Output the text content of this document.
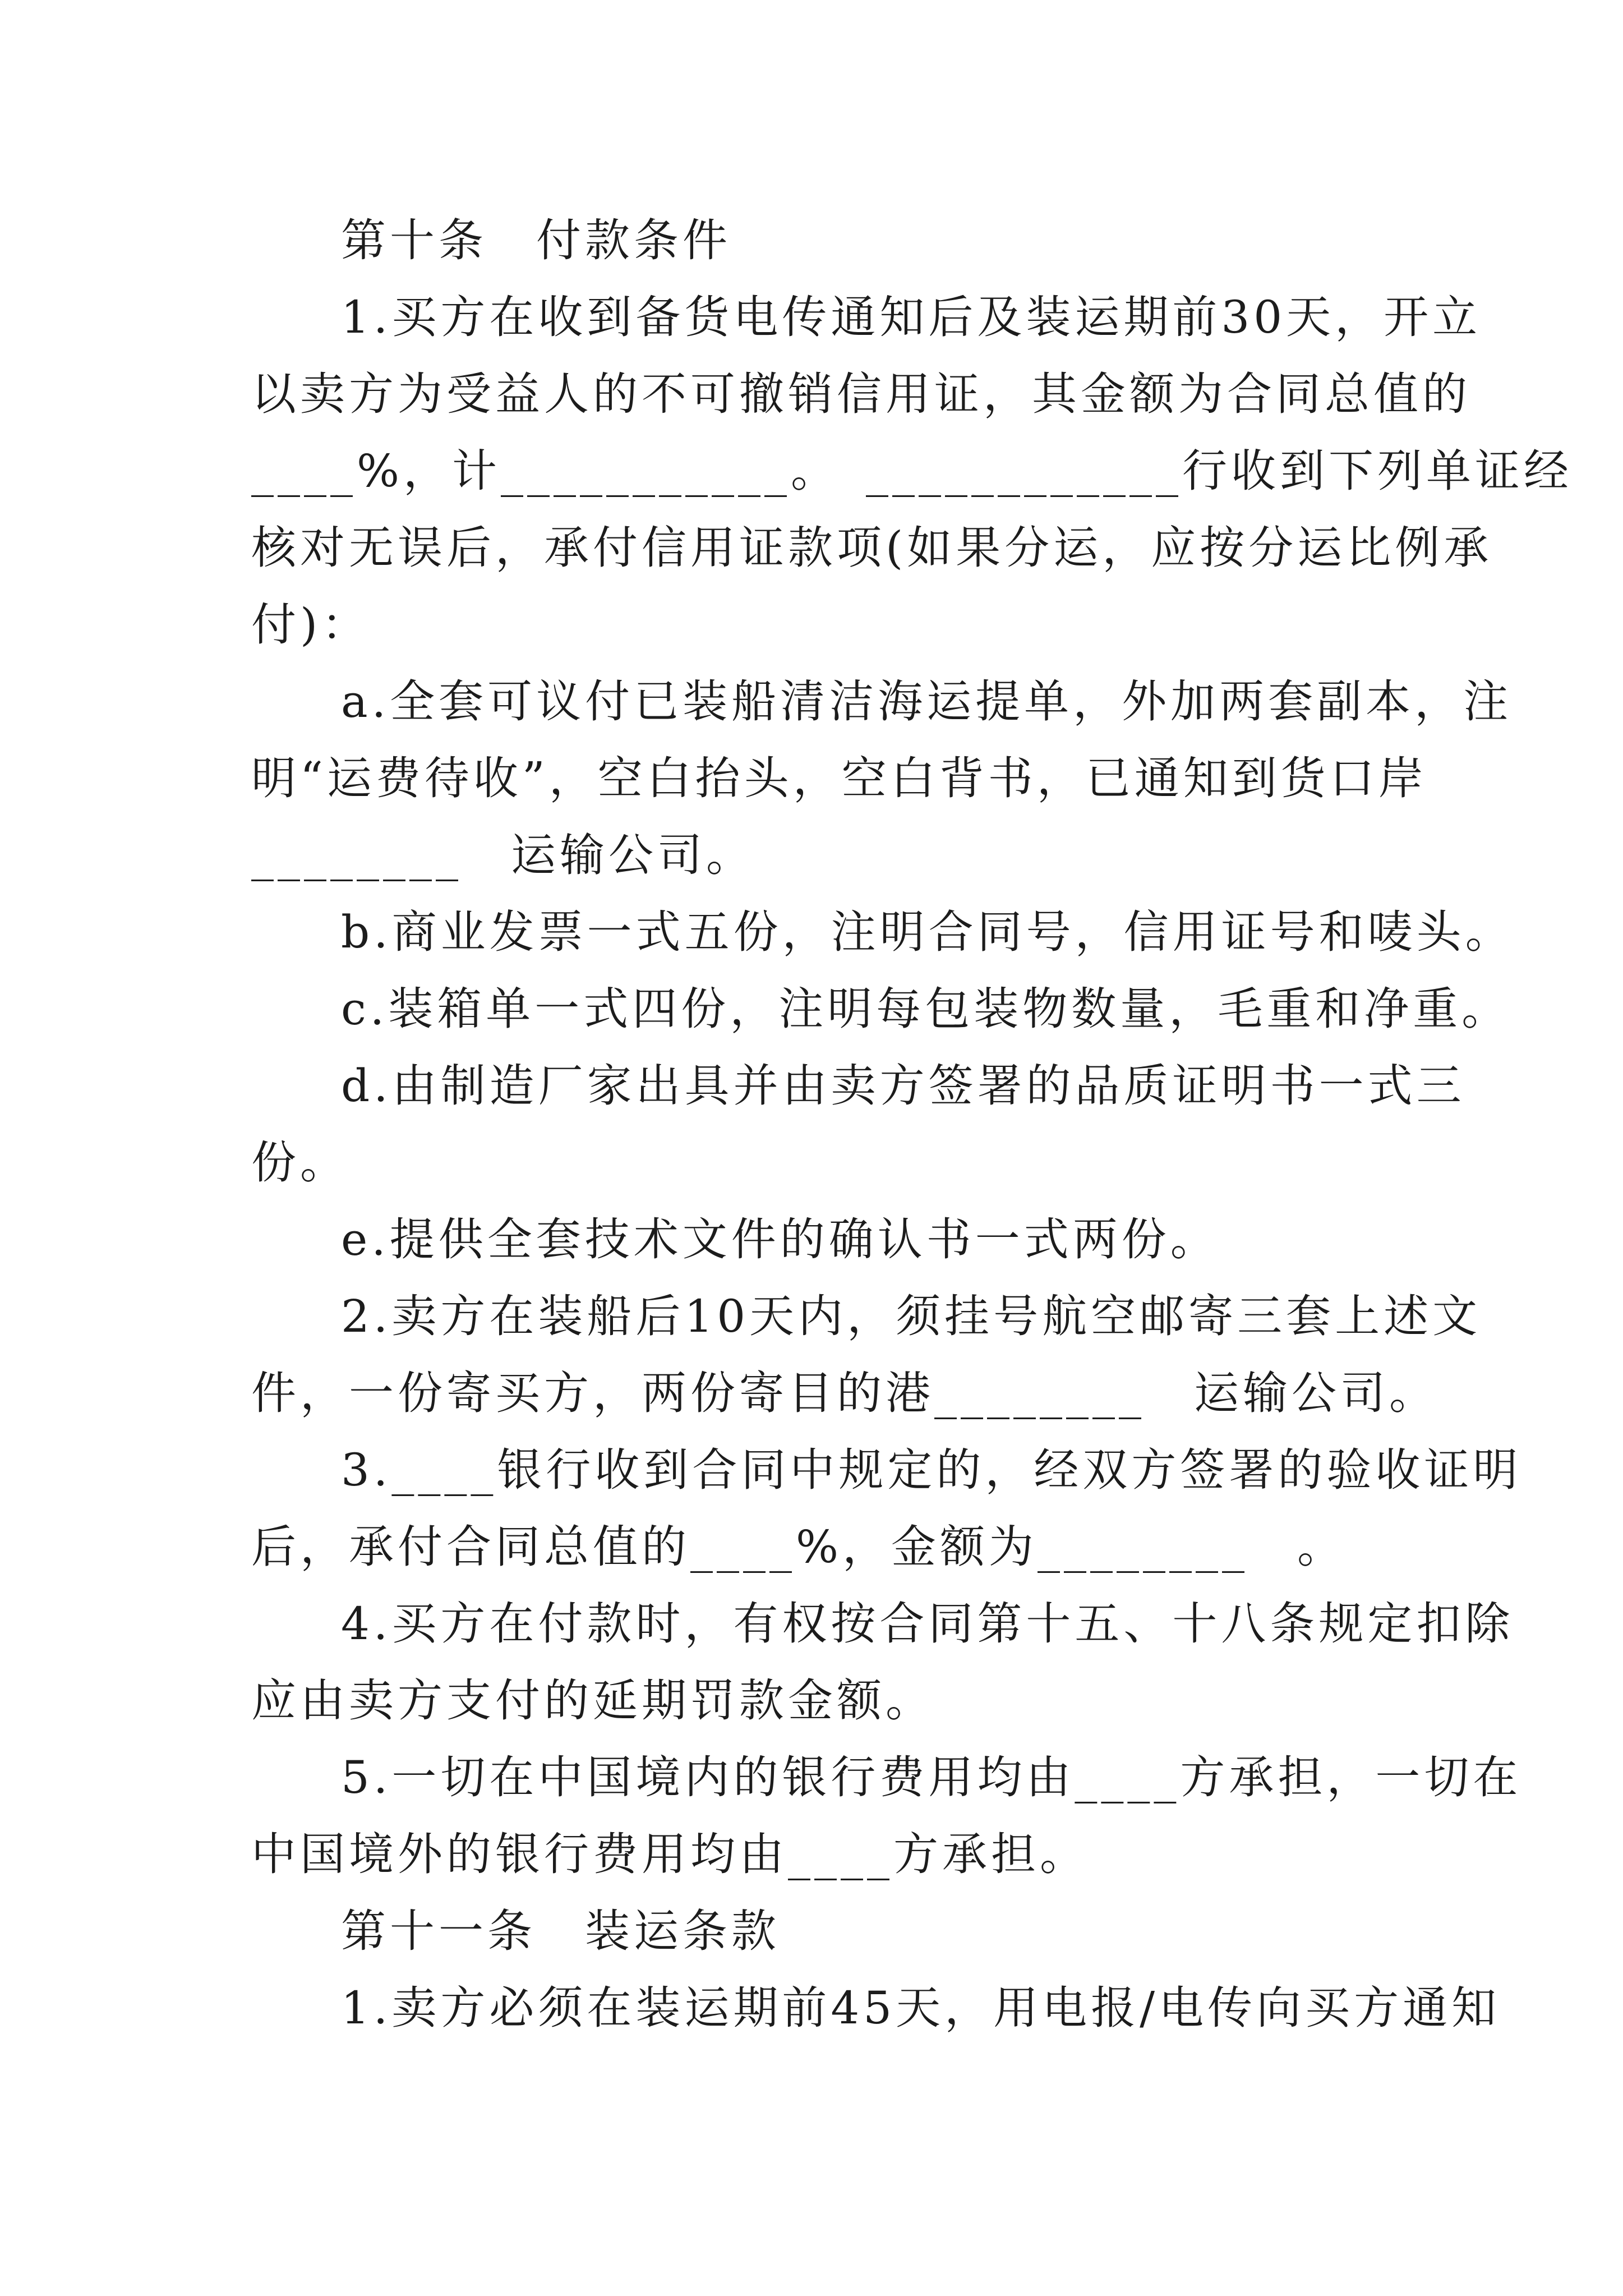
第十条　付款条件
1.买方在收到备货电传通知后及装运期前30天，开立
以卖方为受益人的不可撤销信用证，其金额为合同总值的
____%，计___________。　____________行收到下列单证经
核对无误后，承付信用证款项(如果分运，应按分运比例承
付)：
a.全套可议付已装船清洁海运提单，外加两套副本，注
明“运费待收”，空白抬头，空白背书，已通知到货口岸
________　运输公司。
b.商业发票一式五份，注明合同号，信用证号和唛头。
c.装箱单一式四份，注明每包装物数量，毛重和净重。
d.由制造厂家出具并由卖方签署的品质证明书一式三
份。
e.提供全套技术文件的确认书一式两份。
2.卖方在装船后10天内，须挂号航空邮寄三套上述文
件，一份寄买方，两份寄目的港________　运输公司。
3.____银行收到合同中规定的，经双方签署的验收证明
后，承付合同总值的____%，金额为________　。
4.买方在付款时，有权按合同第十五、十八条规定扣除
应由卖方支付的延期罚款金额。
5.一切在中国境内的银行费用均由____方承担，一切在
中国境外的银行费用均由____方承担。
第十一条　装运条款
1.卖方必须在装运期前45天，用电报/电传向买方通知
